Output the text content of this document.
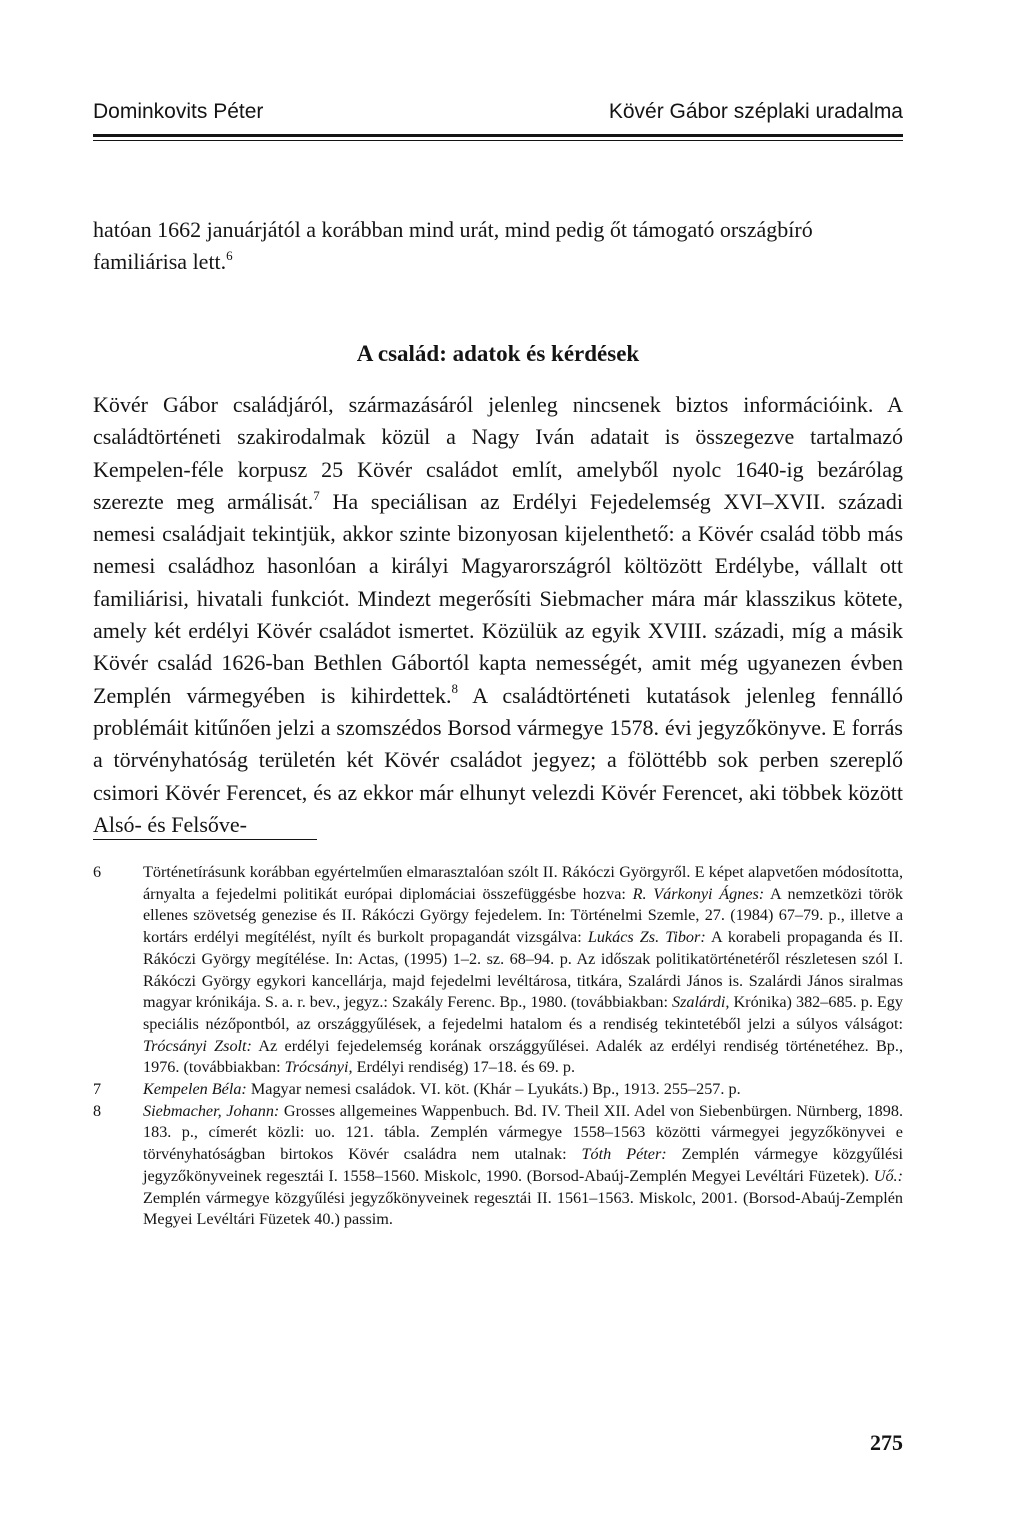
Dominkovits Péter	Kövér Gábor széplaki uradalma

hatóan 1662 januárjától a korábban mind urát, mind pedig őt támogató országbíró familiárisa lett.$^6$

A család: adatok és kérdések

Kövér Gábor családjáról, származásáról jelenleg nincsenek biztos információink. A családtörténeti szakirodalmak közül a Nagy Iván adatait is összegezve tartalmazó Kempelen-féle korpusz 25 Kövér családot említ, amelyből nyolc 1640-ig bezárólag szerezte meg armálisát.$^7$ Ha speciálisan az Erdélyi Fejedelemség XVI–XVII. századi nemesi családjait tekintjük, akkor szinte bizonyosan kijelenthető: a Kövér család több más nemesi családhoz hasonlóan a királyi Magyarországról költözött Erdélybe, vállalt ott familiárisi, hivatali funkciót. Mindezt megerősíti Siebmacher mára már klasszikus kötete, amely két erdélyi Kövér családot ismertet. Közülük az egyik XVIII. századi, míg a másik Kövér család 1626-ban Bethlen Gábortól kapta nemességét, amit még ugyanezen évben Zemplén vármegyében is kihirdettek.$^8$ A családtörténeti kutatások jelenleg fennálló problémáit kitűnően jelzi a szomszédos Borsod vármegye 1578. évi jegyzőkönyve. E forrás a törvényhatóság területén két Kövér családot jegyez; a fölöttébb sok perben szereplő csimori Kövér Ferencet, és az ekkor már elhunyt velezdi Kövér Ferencet, aki többek között Alsó- és Felsőve-

6	Történetírásunk korábban egyértelműen elmarasztalóan szólt II. Rákóczi Györgyről. E képet alapvetően módosította, árnyalta a fejedelmi politikát európai diplomáciai összefüggésbe hozva: R. Várkonyi Ágnes: A nemzetközi török ellenes szövetség genezise és II. Rákóczi György fejedelem. In: Történelmi Szemle, 27. (1984) 67–79. p., illetve a kortárs erdélyi megítélést, nyílt és burkolt propagandát vizsgálva: Lukács Zs. Tibor: A korabeli propaganda és II. Rákóczi György megítélése. In: Actas, (1995) 1–2. sz. 68–94. p. Az időszak politikatörténetéről részletesen szól I. Rákóczi György egykori kancellárja, majd fejedelmi levéltárosa, titkára, Szalárdi János is. Szalárdi János siralmas magyar krónikája. S. a. r. bev., jegyz.: Szakály Ferenc. Bp., 1980. (továbbiakban: Szalárdi, Krónika) 382–685. p. Egy speciális nézőpontból, az országgyűlések, a fejedelmi hatalom és a rendiség tekintetéből jelzi a súlyos válságot: Trócsányi Zsolt: Az erdélyi fejedelemség korának országgyűlései. Adalék az erdélyi rendiség történetéhez. Bp., 1976. (továbbiakban: Trócsányi, Erdélyi rendiség) 17–18. és 69. p.
7	Kempelen Béla: Magyar nemesi családok. VI. köt. (Khár – Lyukáts.) Bp., 1913. 255–257. p.
8	Siebmacher, Johann: Grosses allgemeines Wappenbuch. Bd. IV. Theil XII. Adel von Siebenbürgen. Nürnberg, 1898. 183. p., címerét közli: uo. 121. tábla. Zemplén vármegye 1558–1563 közötti vármegyei jegyzőkönyvei e törvényhatóságban birtokos Kövér családra nem utalnak: Tóth Péter: Zemplén vármegye közgyűlési jegyzőkönyveinek regesztái I. 1558–1560. Miskolc, 1990. (Borsod-Abaúj-Zemplén Megyei Levéltári Füzetek). Uő.: Zemplén vármegye közgyűlési jegyzőkönyveinek regesztái II. 1561–1563. Miskolc, 2001. (Borsod-Abaúj-Zemplén Megyei Levéltári Füzetek 40.) passim.
275
